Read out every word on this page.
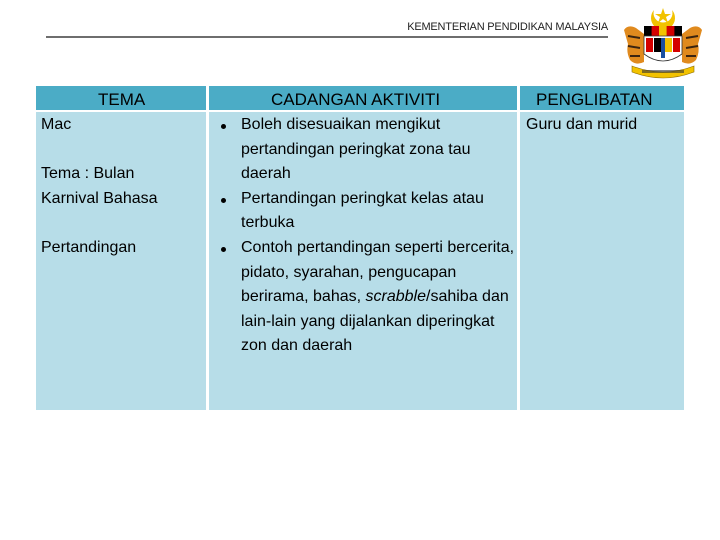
KEMENTERIAN PENDIDIKAN MALAYSIA
TEMA	CADANGAN AKTIVITI	PENGLIBATAN
Mac
Tema : Bulan
Karnival Bahasa
Pertandingan
Boleh disesuaikan mengikut pertandingan peringkat zona tau daerah
Pertandingan peringkat kelas atau terbuka
Contoh pertandingan seperti bercerita, pidato, syarahan, pengucapan berirama, bahas, scrabble/sahiba dan lain-lain yang dijalankan diperingkat zon dan daerah
Guru dan murid
